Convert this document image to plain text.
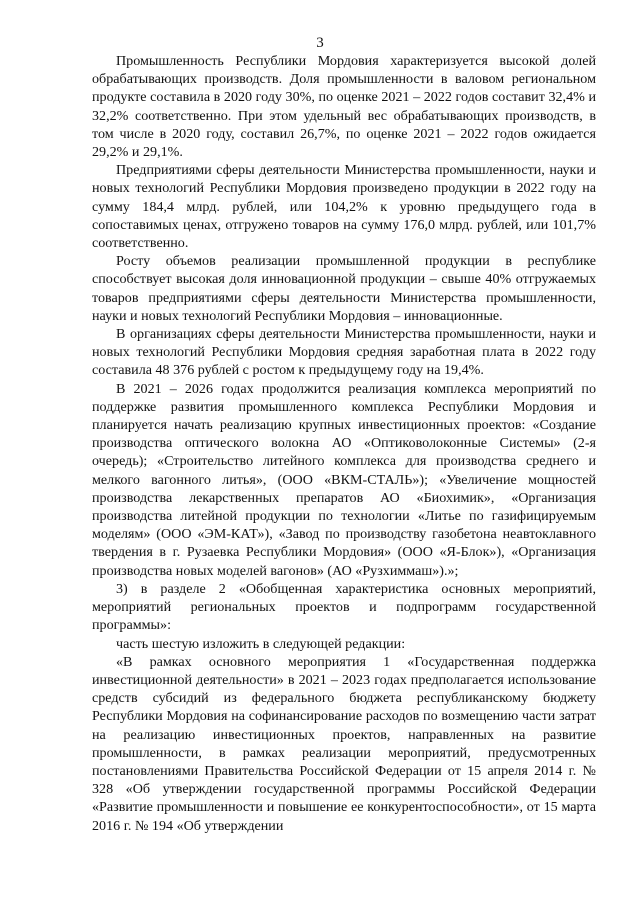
3

Промышленность Республики Мордовия характеризуется высокой долей обрабатывающих производств. Доля промышленности в валовом региональном продукте составила в 2020 году 30%, по оценке 2021 – 2022 годов составит 32,4% и 32,2% соответственно. При этом удельный вес обрабатывающих производств, в том числе в 2020 году, составил 26,7%, по оценке 2021 – 2022 годов ожидается 29,2% и 29,1%.

Предприятиями сферы деятельности Министерства промышленности, науки и новых технологий Республики Мордовия произведено продукции в 2022 году на сумму 184,4 млрд. рублей, или 104,2% к уровню предыдущего года в сопоставимых ценах, отгружено товаров на сумму 176,0 млрд. рублей, или 101,7% соответственно.

Росту объемов реализации промышленной продукции в республике способствует высокая доля инновационной продукции – свыше 40% отгружаемых товаров предприятиями сферы деятельности Министерства промышленности, науки и новых технологий Республики Мордовия – инновационные.

В организациях сферы деятельности Министерства промышленности, науки и новых технологий Республики Мордовия средняя заработная плата в 2022 году составила 48 376 рублей с ростом к предыдущему году на 19,4%.

В 2021 – 2026 годах продолжится реализация комплекса мероприятий по поддержке развития промышленного комплекса Республики Мордовия и планируется начать реализацию крупных инвестиционных проектов: «Создание производства оптического волокна АО «Оптиковолоконные Системы» (2-я очередь); «Строительство литейного комплекса для производства среднего и мелкого вагонного литья», (ООО «ВКМ-СТАЛЬ»); «Увеличение мощностей производства лекарственных препаратов АО «Биохимик», «Организация производства литейной продукции по технологии «Литье по газифицируемым моделям» (ООО «ЭМ-КАТ»), «Завод по производству газобетона неавтоклавного твердения в г. Рузаевка Республики Мордовия» (ООО «Я-Блок»), «Организация производства новых моделей вагонов» (АО «Рузхиммаш»).»;

3) в разделе 2 «Обобщенная характеристика основных мероприятий, мероприятий региональных проектов и подпрограмм государственной программы»:

часть шестую изложить в следующей редакции:

«В рамках основного мероприятия 1 «Государственная поддержка инвестиционной деятельности» в 2021 – 2023 годах предполагается использование средств субсидий из федерального бюджета республиканскому бюджету Республики Мордовия на софинансирование расходов по возмещению части затрат на реализацию инвестиционных проектов, направленных на развитие промышленности, в рамках реализации мероприятий, предусмотренных постановлениями Правительства Российской Федерации от 15 апреля 2014 г. № 328 «Об утверждении государственной программы Российской Федерации «Развитие промышленности и повышение ее конкурентоспособности», от 15 марта 2016 г. № 194 «Об утверждении
